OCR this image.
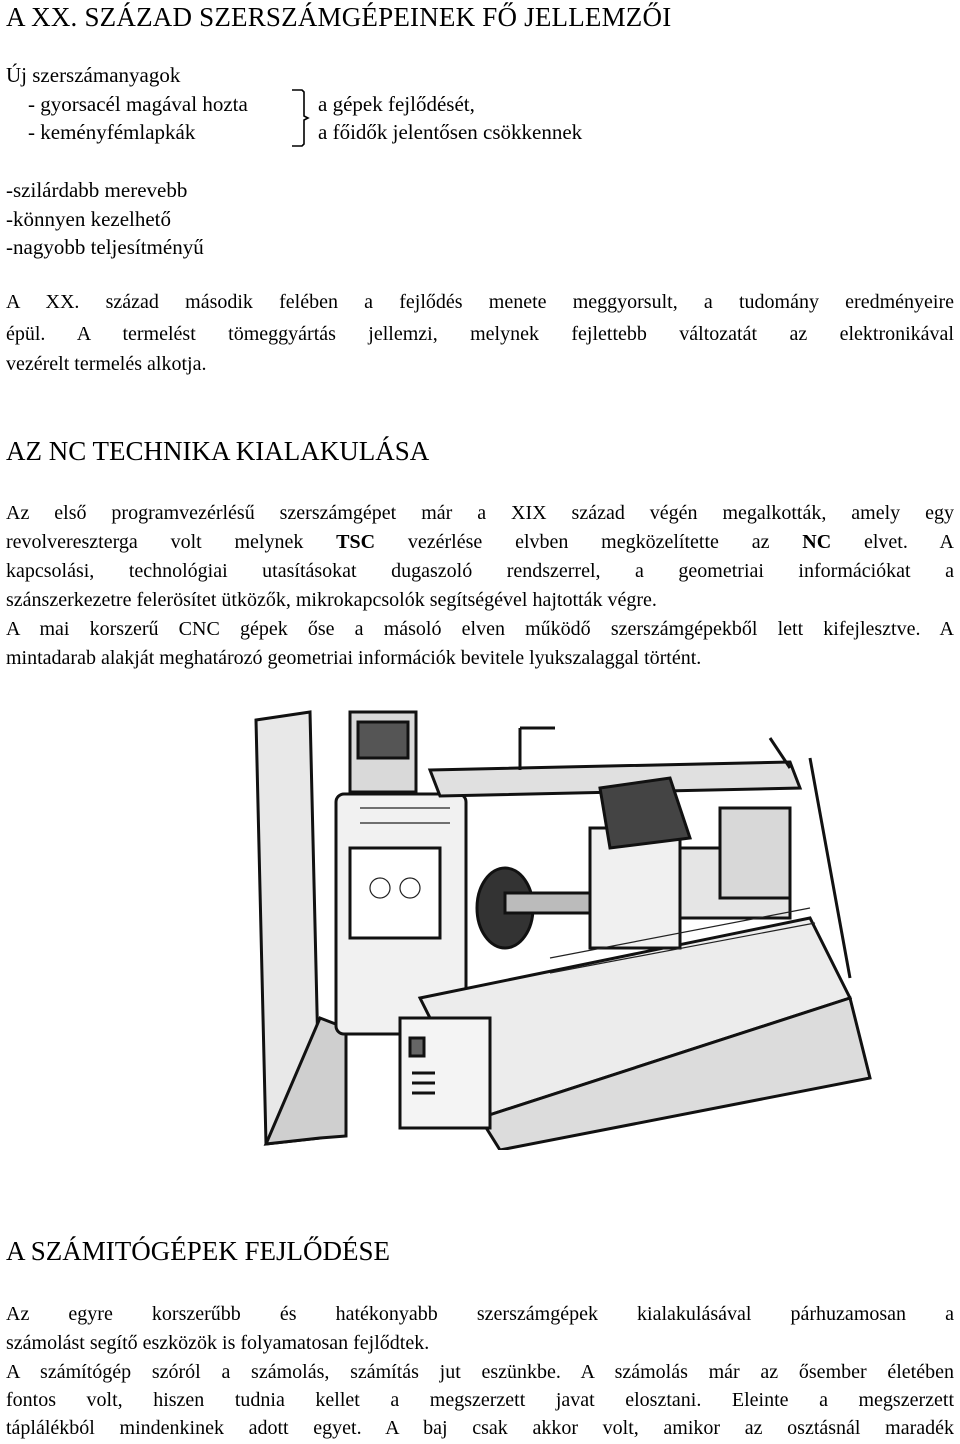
A XX. SZÁZAD SZERSZÁMGÉPEINEK FŐ JELLEMZŐI
Új szerszámanyagok
- gyorsacél magával hozta
- keményfémlapkák
a gépek fejlődését,
a főidők jelentősen csökkennek
-szilárdabb merevebb
-könnyen kezelhető
-nagyobb teljesítményű
A XX. század második felében a fejlődés menete meggyorsult, a tudomány eredményeire
épül. A termelést tömeggyártás jellemzi, melynek fejlettebb változatát az elektronikával
vezérelt termelés alkotja.
AZ NC TECHNIKA KIALAKULÁSA
Az első programvezérlésű szerszámgépet már a XIX század végén megalkották, amely egy
revolvereszterga volt melynek TSC vezérlése elvben megközelítette az NC elvet. A
kapcsolási, technológiai utasításokat dugaszoló rendszerrel, a geometriai információkat a
szánszerkezetre felerösítet ütközők, mikrokapcsolók segítségével hajtották végre.
A mai korszerű CNC gépek őse a másoló elven működő szerszámgépekből lett kifejlesztve. A
mintadarab alakját meghatározó geometriai információk bevitele lyukszalaggal történt.
A SZÁMITÓGÉPEK FEJLŐDÉSE
Az egyre korszerűbb és hatékonyabb szerszámgépek kialakulásával párhuzamosan a
számolást segítő eszközök is folyamatosan fejlődtek.
A számítógép szóról a számolás, számítás jut eszünkbe. A számolás már az ősember életében
fontos volt, hiszen tudnia kellet a megszerzett javat elosztani. Eleinte a megszerzett
táplálékból mindenkinek adott egyet. A baj csak akkor volt, amikor az osztásnál maradék
